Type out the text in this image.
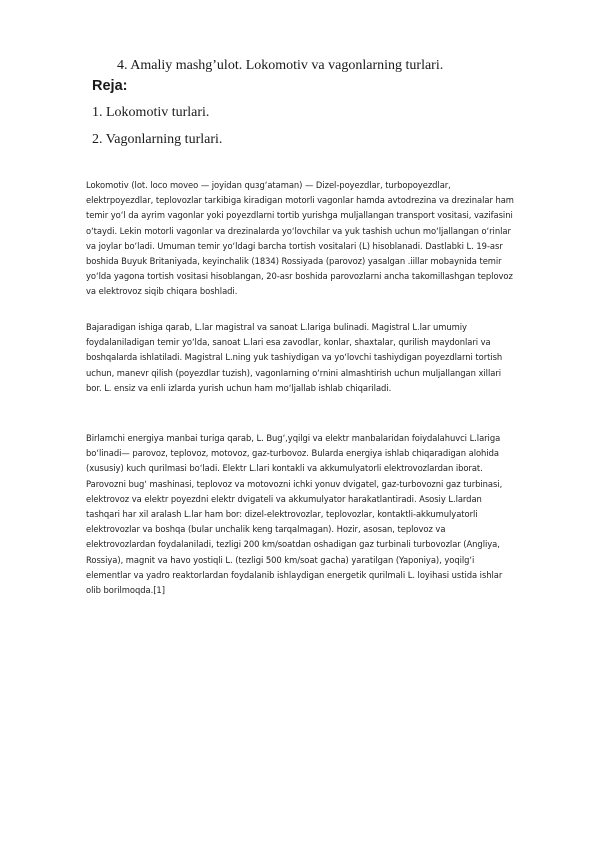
4. Amaliy mashg’ulot. Lokomotiv va vagonlarning turlari.
Reja:
1. Lokomotiv turlari.
2. Vagonlarning turlari.

Lokomotiv (lot. loco moveo — joyidan quзg‘atаman) — Dizel-poyezdlar, turbopoyezdlar, elektrpoyezdlar, teplovozlar tarkibiga kiradigan motorli vagonlar hamda avtodrezina va drezinalar ham temir yo‘l da ayrim vagonlar yoki poyezdlarni tortib yurishga muljallangan transport vositasi, vazifasini o‘taydi. Lekin motorli vagonlar va drezinalarda yo‘lovchilar va yuk tashish uchun mo‘ljallangan o‘rinlar va joylar bo‘ladi. Umuman temir yo‘ldagi barcha tortish vositalari (L) hisoblanadi. Dastlabki L. 19-asr boshida Buyuk Britaniyada, keyinchalik (1834) Rossiyada (parovoz) yasalgan .iillar mobaynida temir yo‘lda yagona tortish vositasi hisoblangan, 20-asr boshida parovozlarni ancha takomillashgan teplovoz va elektrovoz siqib chiqara boshladi.

Bajaradigan ishiga qarab, L.lar magistral va sanoat L.lariga bulinadi. Magistral L.lar umumiy foydalaniladigan temir yo‘lda, sanoat L.lari esa zavodlar, konlar, shaxtalar, qurilish maydonlari va boshqalarda ishlatiladi. Magistral L.ning yuk tashiydigan va yo‘lovchi tashiydigan poyezdlarni tortish uchun, manevr qilish (poyezdlar tuzish), vagonlarning o‘rnini almashtirish uchun muljallangan xillari bor. L. ensiz va enli izlarda yurish uchun ham mo‘ljallab ishlab chiqariladi.

Birlamchi energiya manbai turiga qarab, L. Bug‘,yqilgi va elektr manbalaridan foiydalahuvci L.lariga bo‘linadi— parovoz, teplovoz, motovoz, gaz-turbovoz. Bularda energiya ishlab chiqaradigan alohida (xususiy) kuch qurilmasi bo‘ladi. Elektr L.lari kontakli va akkumulyatorli elektrovozlardan iborat. Parovozni bug‘ mashinasi, teplovoz va motovozni ichki yonuv dvigatel, gaz-turbovozni gaz turbinasi, elektrovoz va elektr poyezdni elektr dvigateli va akkumulyator harakatlantiradi. Asosiy L.lardan tashqari har xil aralash L.lar ham bor: dizel-elektrovozlar, teplovozlar, kontaktli-akkumulyatorli elektrovozlar va boshqa (bular unchalik keng tarqalmagan). Hozir, asosan, teplovoz va elektrovozlardan foydalaniladi, tezligi 200 km/soatdan oshadigan gaz turbinali turbovozlar (Angliya, Rossiya), magnit va havo yostiqli L. (tezligi 500 km/soat gacha) yaratilgan (Yaponiya), yoqilg‘i elementlar va yadro reaktorlardan foydalanib ishlaydigan energetik qurilmali L. loyihasi ustida ishlar olib borilmoqda.[1]
